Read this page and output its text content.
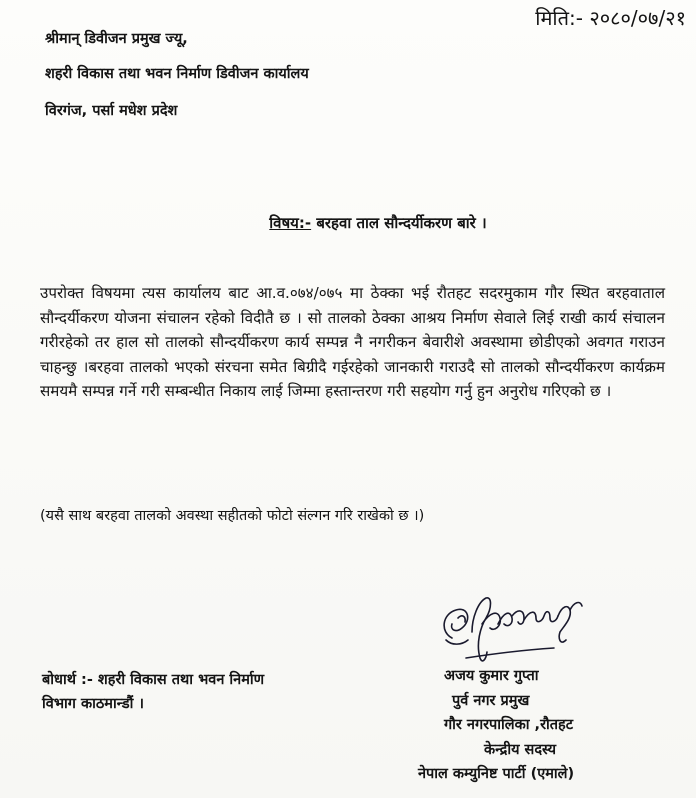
श्रीमान् डिवीजन प्रमुख ज्यू,
शहरी विकास तथा भवन निर्माण डिवीजन कार्यालय
विरगंज, पर्सा मधेश प्रदेश
मिति:- २०८०/०७/२१
विषय:- बरहवा ताल सौन्दर्यीकरण बारे ।
उपरोक्त विषयमा त्यस कार्यालय बाट आ.व.०७४/०७५ मा ठेक्का भई रौतहट सदरमुकाम गौर स्थित बरहवाताल सौन्दर्यीकरण योजना संचालन रहेको विदीतै छ । सो तालको ठेक्का आश्रय निर्माण सेवाले लिई राखी कार्य संचालन गरीरहेको तर हाल सो तालको सौन्दर्यीकरण कार्य सम्पन्न नै नगरीकन बेवारीशे अवस्थामा छोडीएको अवगत गराउन चाहन्छु ।बरहवा तालको भएको संरचना समेत बिग्रीदै गईरहेको जानकारी गराउदै सो तालको सौन्दर्यीकरण कार्यक्रम समयमै सम्पन्न गर्ने गरी सम्बन्धीत निकाय लाई जिम्मा हस्तान्तरण गरी सहयोग गर्नु हुन अनुरोध गरिएको छ ।
(यसै साथ बरहवा तालको अवस्था सहीतको फोटो संल्गन गरि राखेको छ ।)
बोधार्थ :- शहरी विकास तथा भवन निर्माण
विभाग काठमान्डौं ।
अजय कुमार गुप्ता
पुर्व नगर प्रमुख
गौर नगरपालिका ,रौतहट
केन्द्रीय सदस्य
नेपाल कम्युनिष्ट पार्टी (एमाले)
